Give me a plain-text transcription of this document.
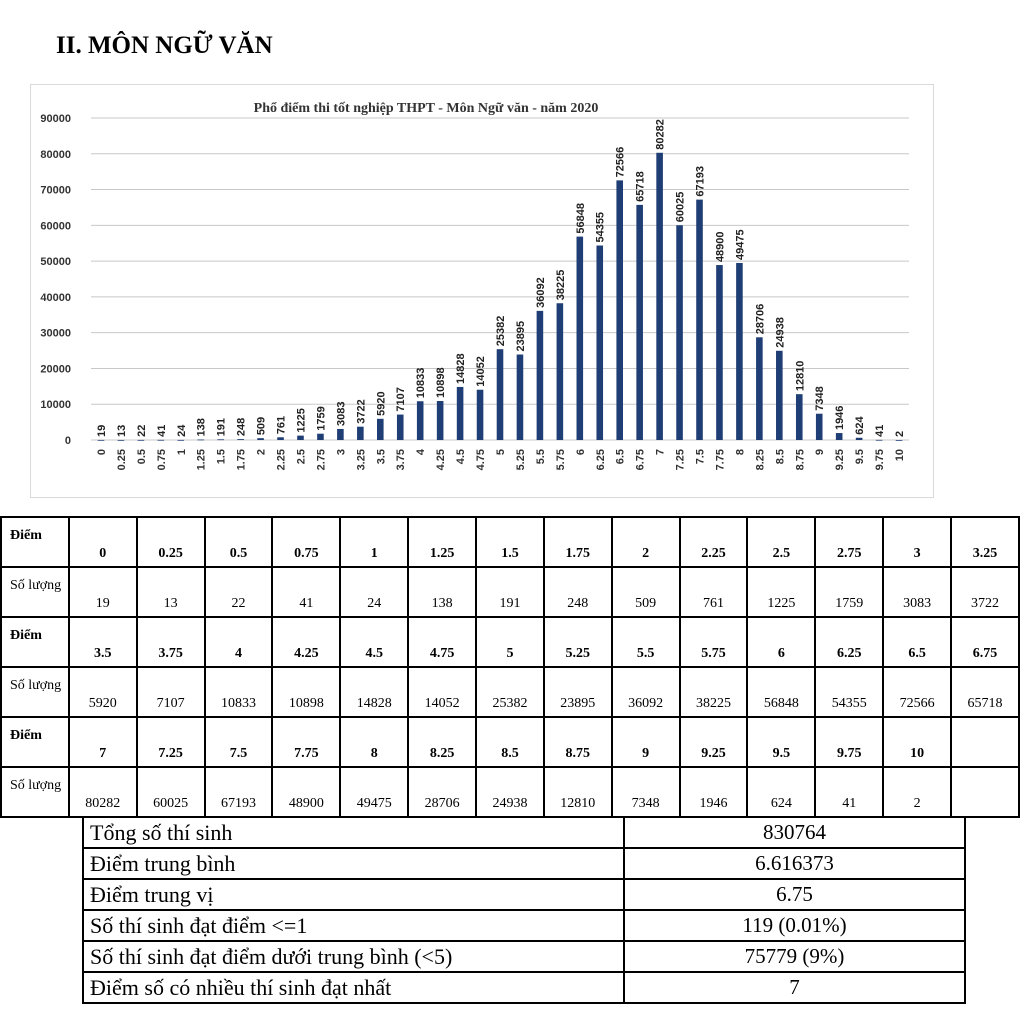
II. MÔN NGỮ VĂN
Phổ điểm thi tốt nghiệp THPT - Môn Ngữ văn - năm 2020
0
10000
20000
30000
40000
50000
60000
70000
80000
90000
19 13 22 41 24 138 191 248 509 761 1225 1759 3083 3722 5920 7107
10833 10898 14828 14052
25382 23895
36092 38225
56848 54355
72566
65718
80282
60025
67193
48900 49475
28706 24938
12810
7348
1946 624 41 2
0 0.25 0.5 0.75 1 1.25 1.5 1.75 2 2.25 2.5 2.75 3 3.25 3.5 3.75 4 4.25 4.5 4.75 5 5.25 5.5 5.75 6 6.25 6.5 6.75 7 7.25 7.5 7.75 8 8.25 8.5 8.75 9 9.25 9.5 9.75 10
Điểm	0	0.25	0.5	0.75	1	1.25	1.5	1.75	2	2.25	2.5	2.75	3	3.25
Số lượng	19	13	22	41	24	138	191	248	509	761	1225	1759	3083	3722
Điểm	3.5	3.75	4	4.25	4.5	4.75	5	5.25	5.5	5.75	6	6.25	6.5	6.75
Số lượng	5920	7107	10833	10898	14828	14052	25382	23895	36092	38225	56848	54355	72566	65718
Điểm	7	7.25	7.5	7.75	8	8.25	8.5	8.75	9	9.25	9.5	9.75	10	
Số lượng	80282	60025	67193	48900	49475	28706	24938	12810	7348	1946	624	41	2	
Tổng số thí sinh	830764
Điểm trung bình	6.616373
Điểm trung vị	6.75
Số thí sinh đạt điểm <=1	119 (0.01%)
Số thí sinh đạt điểm dưới trung bình (<5)	75779 (9%)
Điểm số có nhiều thí sinh đạt nhất	7
